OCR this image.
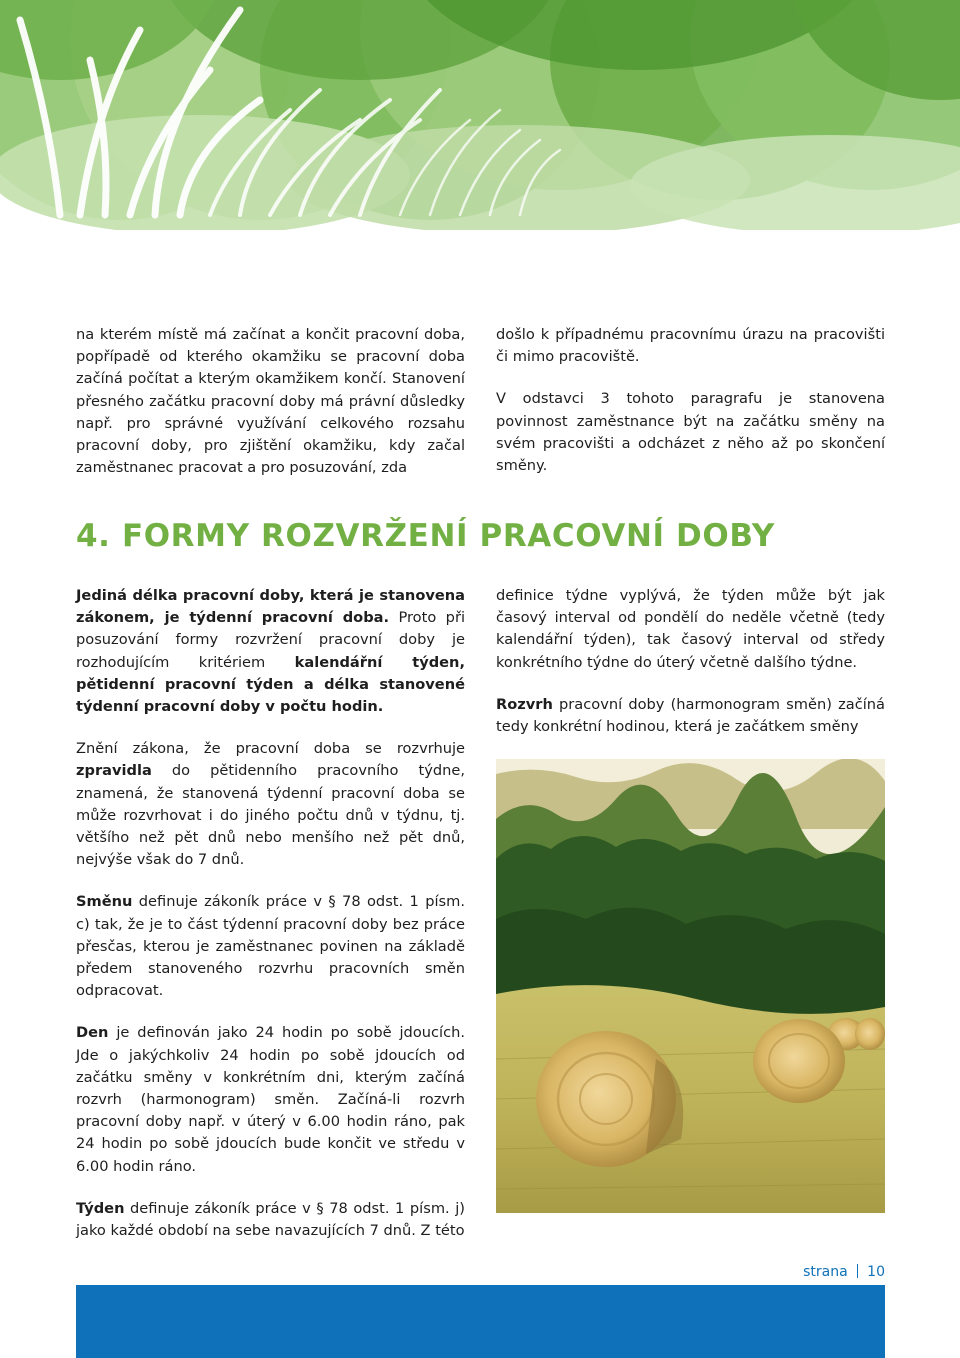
na kterém místě má začínat a končit pracovní doba, popřípadě od kterého okamžiku se pracovní doba začíná počítat a kterým okamžikem končí. Stanovení přesného začátku pracovní doby má právní důsledky např. pro správné využívání celkového rozsahu pracovní doby, pro zjištění okamžiku, kdy začal zaměstnanec pracovat a pro posuzování, zda

došlo k případnému pracovnímu úrazu na pracovišti či mimo pracoviště.

V odstavci 3 tohoto paragrafu je stanovena povinnost zaměstnance být na začátku směny na svém pracovišti a odcházet z něho až po skončení směny.

4. FORMY ROZVRŽENÍ PRACOVNÍ DOBY

Jediná délka pracovní doby, která je stanovena zákonem, je týdenní pracovní doba. Proto při posuzování formy rozvržení pracovní doby je rozhodujícím kritériem kalendářní týden, pětidenní pracovní týden a délka stanovené týdenní pracovní doby v počtu hodin.

Znění zákona, že pracovní doba se rozvrhuje zpravidla do pětidenního pracovního týdne, znamená, že stanovená týdenní pracovní doba se může rozvrhovat i do jiného počtu dnů v týdnu, tj. většího než pět dnů nebo menšího než pět dnů, nejvýše však do 7 dnů.

Směnu definuje zákoník práce v § 78 odst. 1 písm. c) tak, že je to část týdenní pracovní doby bez práce přesčas, kterou je zaměstnanec povinen na základě předem stanoveného rozvrhu pracovních směn odpracovat.

Den je definován jako 24 hodin po sobě jdoucích. Jde o jakýchkoliv 24 hodin po sobě jdoucích od začátku směny v konkrétním dni, kterým začíná rozvrh (harmonogram) směn. Začíná-li rozvrh pracovní doby např. v úterý v 6.00 hodin ráno, pak 24 hodin po sobě jdoucích bude končit ve středu v 6.00 hodin ráno.

Týden definuje zákoník práce v § 78 odst. 1 písm. j) jako každé období na sebe navazujících 7 dnů. Z této

definice týdne vyplývá, že týden může být jak časový interval od pondělí do neděle včetně (tedy kalendářní týden), tak časový interval od středy konkrétního týdne do úterý včetně dalšího týdne.

Rozvrh pracovní doby (harmonogram směn) začíná tedy konkrétní hodinou, která je začátkem směny

strana 10
